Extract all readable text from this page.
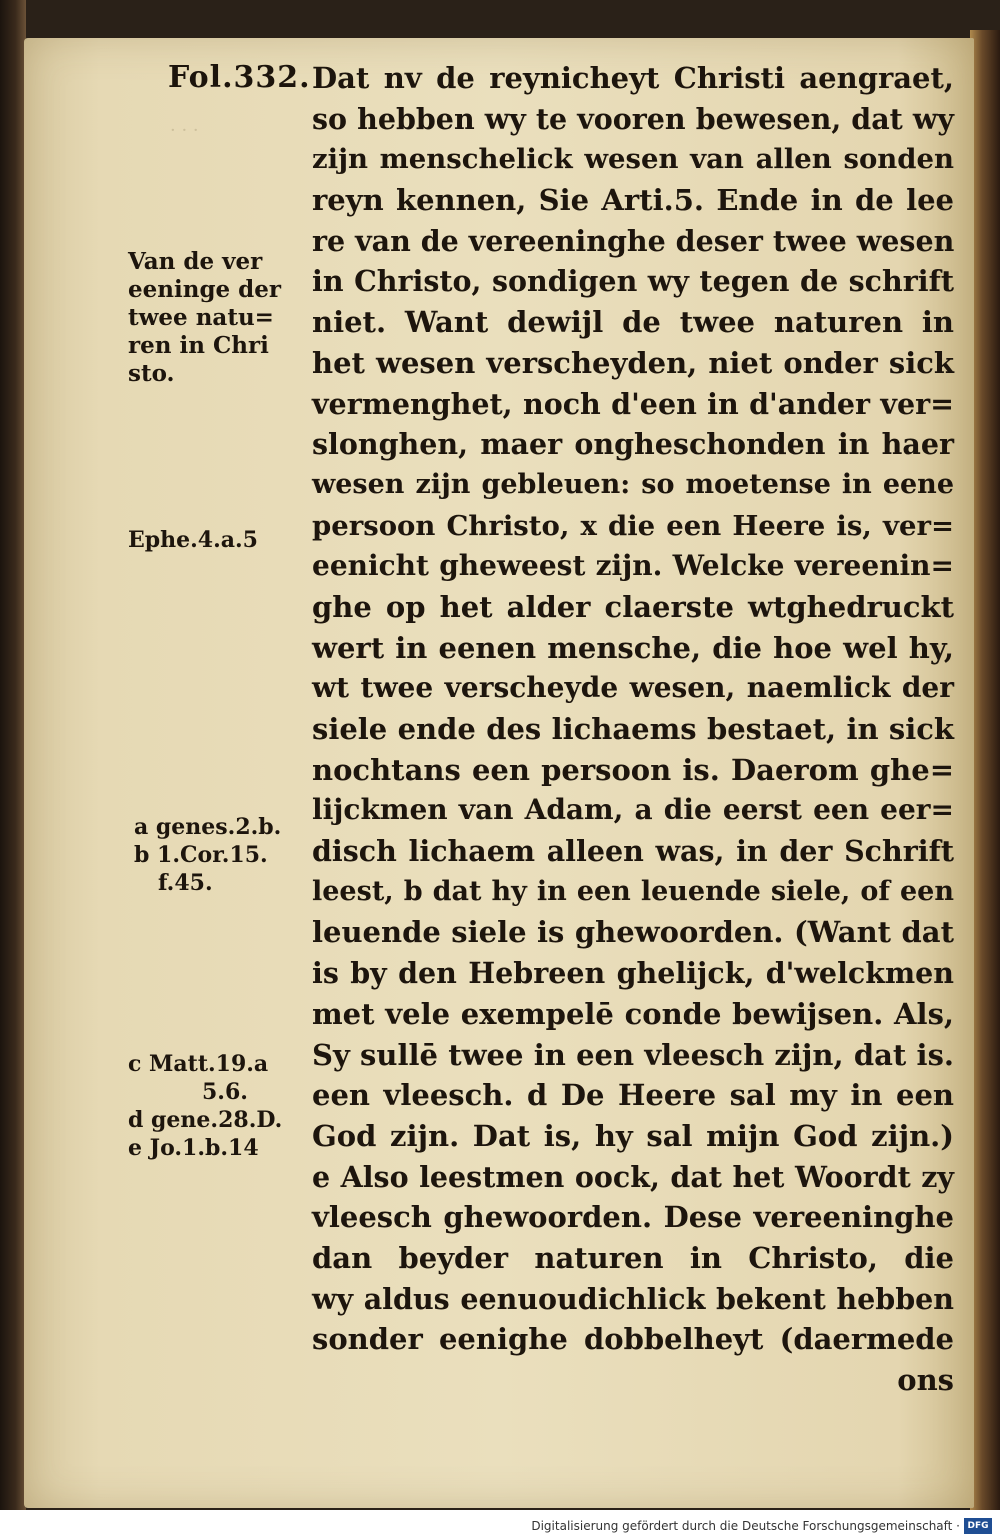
· · ·
Fol.332.
Van de ver
eeninge der
twee natu=
ren in Chri
sto.
Ephe.4.a.5
a genes.2.b.
b 1.Cor.15.
f.45.
c Matt.19.a
5.6.
d gene.28.D.
e Jo.1.b.14
Dat nv de reynicheyt Christi aengraet,
so hebben wy te vooren bewesen, dat wy
zijn menschelick wesen van allen sonden
reyn kennen, Sie Arti.5. Ende in de lee
re van de vereeninghe deser twee wesen
in Christo, sondigen wy tegen de schrift
niet. Want dewijl de twee naturen in
het wesen verscheyden, niet onder sick
vermenghet, noch d'een in d'ander ver=
slonghen, maer ongheschonden in haer
wesen zijn gebleuen: so moetense in eene
persoon Christo, x die een Heere is, ver=
eenicht gheweest zijn. Welcke vereenin=
ghe op het alder claerste wtghedruckt
wert in eenen mensche, die hoe wel hy,
wt twee verscheyde wesen, naemlick der
siele ende des lichaems bestaet, in sick
nochtans een persoon is. Daerom ghe=
lijckmen van Adam, a die eerst een eer=
disch lichaem alleen was, in der Schrift
leest, b dat hy in een leuende siele, of een
leuende siele is ghewoorden. (Want dat
is by den Hebreen ghelijck, d'welckmen
met vele exempelē conde bewijsen. Als,
Sy sullē twee in een vleesch zijn, dat is.
een vleesch. d De Heere sal my in een
God zijn. Dat is, hy sal mijn God zijn.)
e Also leestmen oock, dat het Woordt zy
vleesch ghewoorden. Dese vereeninghe
dan beyder naturen in Christo, die
wy aldus eenuoudichlick bekent hebben
sonder eenighe dobbelheyt (daermede
ons
Digitalisierung gefördert durch die Deutsche Forschungsgemeinschaft · DFG
